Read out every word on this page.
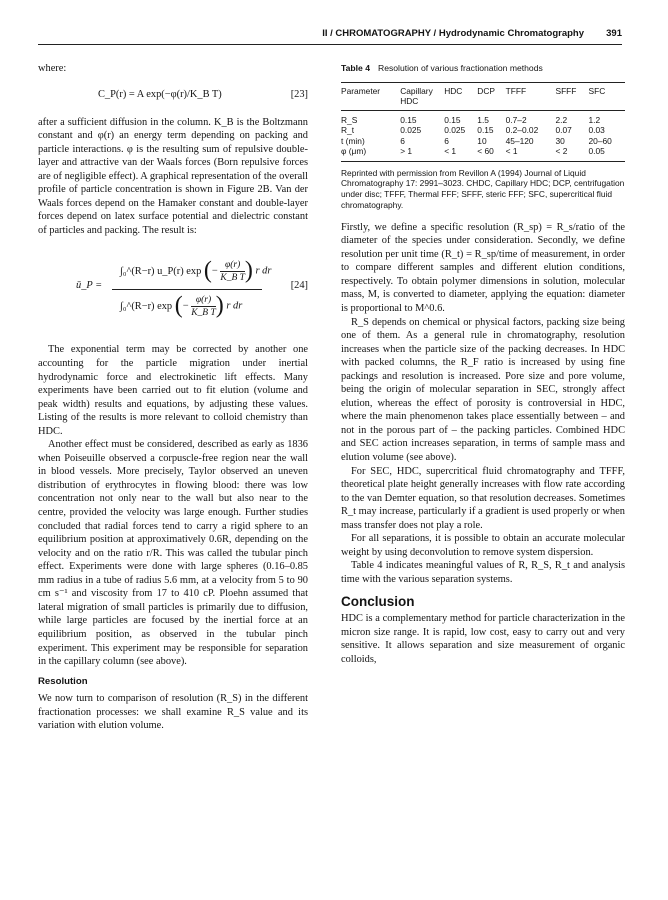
II / CHROMATOGRAPHY / Hydrodynamic Chromatography 391

where:

C_P(r) = A exp(−φ(r)/K_B T)	[23]

after a sufficient diffusion in the column. K_B is the Boltzmann constant and φ(r) an energy term depending on packing and particle interactions. φ is the resulting sum of repulsive double-layer and attractive van der Waals forces (Born repulsive forces are of negligible effect). A graphical representation of the overall profile of particle concentration is shown in Figure 2B. Van der Waals forces depend on the Hamaker constant and double-layer forces depend on latex surface potential and dielectric constant of particles and packing. The result is:

ū_P =
∫₀^(R−r) u_P(r) exp (− $\frac{\varphi(r)}{\text{K\_B T}}$ ) r dr
∫₀^(R−r) exp (− $\frac{\varphi(r)}{\text{K\_B T}}$ ) r dr
[24]

The exponential term may be corrected by another one accounting for the particle migration under inertial hydrodynamic force and electrokinetic lift effects. Many experiments have been carried out to fit elution (volume and peak width) results and equations, by adjusting these values. Listing of the results is more relevant to colloid chemistry than HDC.

Another effect must be considered, described as early as 1836 when Poiseuille observed a corpuscle-free region near the wall in blood vessels. More precisely, Taylor observed an uneven distribution of erythrocytes in flowing blood: there was low concentration not only near to the wall but also near to the centre, provided the velocity was large enough. Further studies concluded that radial forces tend to carry a rigid sphere to an equilibrium position at approximatively 0.6R, depending on the velocity and on the ratio r/R. This was called the tubular pinch effect. Experiments were done with large spheres (0.16–0.85 mm radius in a tube of radius 5.6 mm, at a velocity from 5 to 90 cm s⁻¹ and viscosity from 17 to 410 cP. Ploehn assumed that lateral migration of small particles is primarily due to diffusion, while large particles are focused by the inertial force at an equilibrium position, as observed in the tubular pinch experiment. This experiment may be responsible for separation in the capillary column (see above).

Resolution

We now turn to comparison of resolution (R_S) in the different fractionation processes: we shall examine R_S value and its variation with elution volume.

Table 4 Resolution of various fractionation methods
Parameter	Capillary HDC	HDC	DCP	TFFF	SFFF	SFC
R_S	0.15	0.15	1.5	0.7–2	2.2	1.2
R_t	0.025	0.025	0.15	0.2–0.02	0.07	0.03
t (min)	6	6	10	45–120	30	20–60
φ (μm)	> 1	< 1	< 60	< 1	< 2	0.05

Reprinted with permission from Revillon A (1994) Journal of Liquid Chromatography 17: 2991–3023. CHDC, Capillary HDC; DCP, centrifugation under disc; TFFF, Thermal FFF; SFFF, steric FFF; SFC, supercritical fluid chromatography.

Firstly, we define a specific resolution (R_sp) = R_s/ratio of the diameter of the species under consideration. Secondly, we define resolution per unit time (R_t) = R_sp/time of measurement, in order to compare different samples and different elution conditions, respectively. To obtain polymer dimensions in solution, molecular mass, M, is converted to diameter, applying the equation: diameter is proportional to M^0.6.

R_S depends on chemical or physical factors, packing size being one of them. As a general rule in chromatography, resolution increases when the particle size of the packing decreases. In HDC with packed columns, the R_F ratio is increased by using fine packings and resolution is increased. Pore size and pore volume, being the origin of molecular separation in SEC, strongly affect elution, whereas the effect of porosity is controversial in HDC, where the main phenomenon takes place essentially between – and not in the porous part of – the packing particles. Combined HDC and SEC action increases separation, in terms of sample mass and elution volume (see above).

For SEC, HDC, supercritical fluid chromatography and TFFF, theoretical plate height generally increases with flow rate according to the van Demter equation, so that resolution decreases. Sometimes R_t may increase, particularly if a gradient is used properly or when mass transfer does not play a role.

For all separations, it is possible to obtain an accurate molecular weight by using deconvolution to remove system dispersion.

Table 4 indicates meaningful values of R, R_S, R_t and analysis time with the various separation systems.

Conclusion

HDC is a complementary method for particle characterization in the micron size range. It is rapid, low cost, easy to carry out and very sensitive. It allows separation and size measurement of organic colloids,
